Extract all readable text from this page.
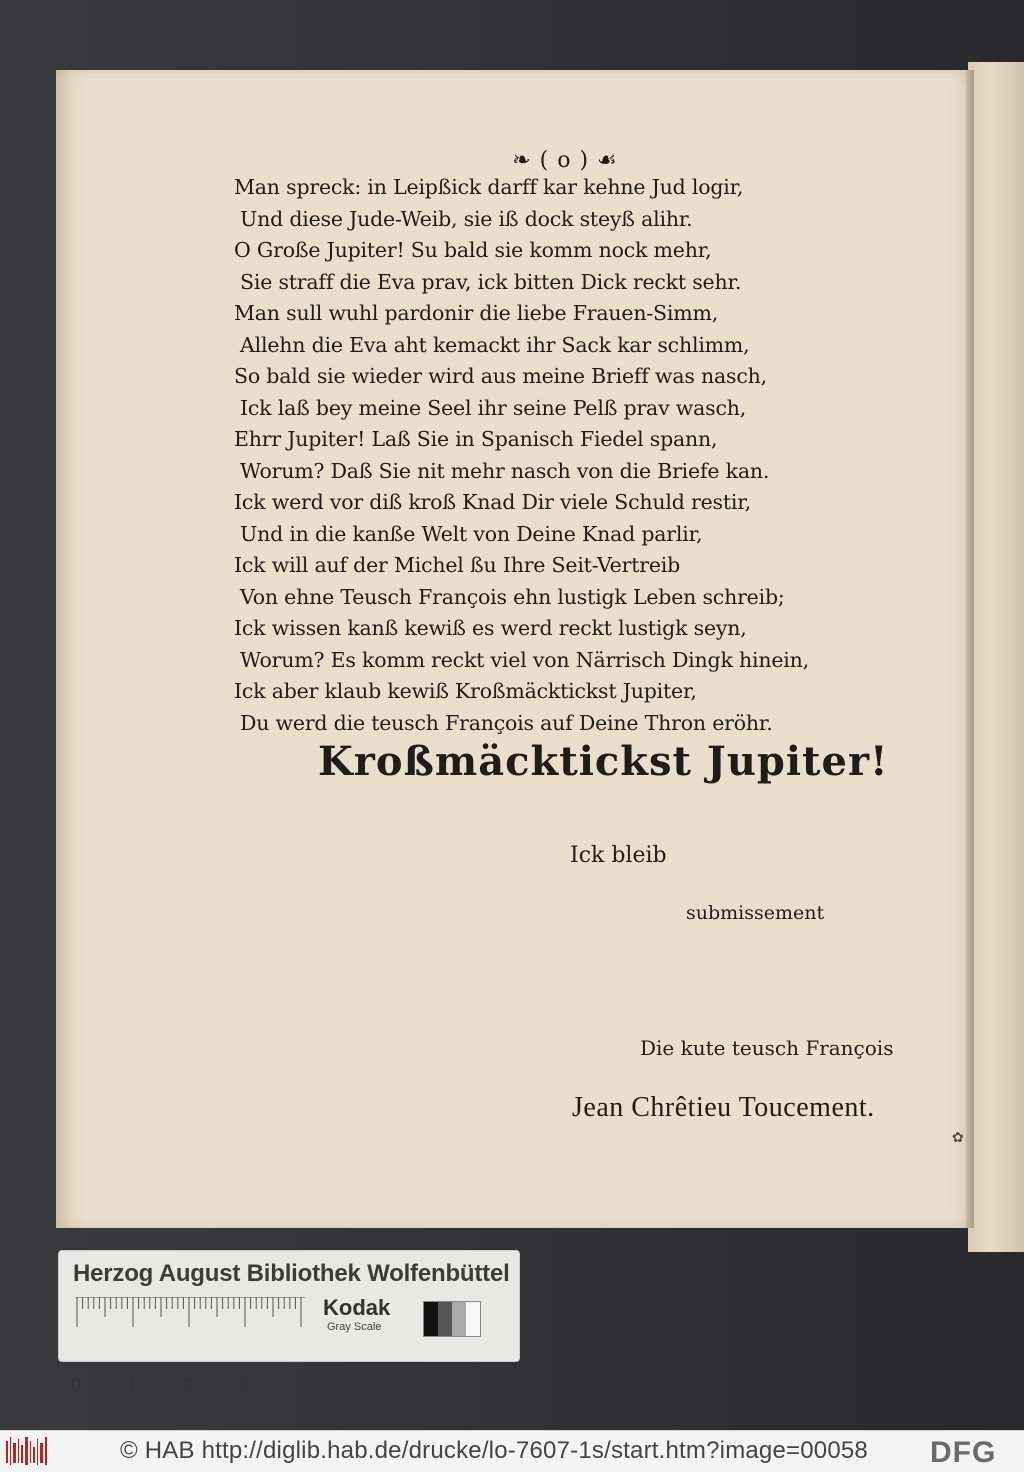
❧ ( o ) ☙
Man spreck: in Leipßick darff kar kehne Jud logir,
Und diese Jude-Weib, sie iß dock steyß alihr.
O Große Jupiter! Su bald sie komm nock mehr,
Sie straff die Eva prav, ick bitten Dick reckt sehr.
Man sull wuhl pardonir die liebe Frauen-Simm,
Allehn die Eva aht kemackt ihr Sack kar schlimm,
So bald sie wieder wird aus meine Brieff was nasch,
Ick laß bey meine Seel ihr seine Pelß prav wasch,
Ehrr Jupiter! Laß Sie in Spanisch Fiedel spann,
Worum? Daß Sie nit mehr nasch von die Briefe kan.
Ick werd vor diß kroß Knad Dir viele Schuld restir,
Und in die kanße Welt von Deine Knad parlir,
Ick will auf der Michel ßu Ihre Seit-Vertreib
Von ehne Teusch François ehn lustigk Leben schreib;
Ick wissen kanß kewiß es werd reckt lustigk seyn,
Worum? Es komm reckt viel von Närrisch Dingk hinein,
Ick aber klaub kewiß Kroßmäcktickst Jupiter,
Du werd die teusch François auf Deine Thron eröhr.
Kroßmäcktickst Jupiter!
Ick bleib
submissement
Die kute teusch François
Jean Chrêtieu Toucement.
✿
Herzog August Bibliothek Wolfenbüttel
0	1	2	3	4
Kodak
Gray Scale
© HAB http://diglib.hab.de/drucke/lo-7607-1s/start.htm?image=00058 DFG
